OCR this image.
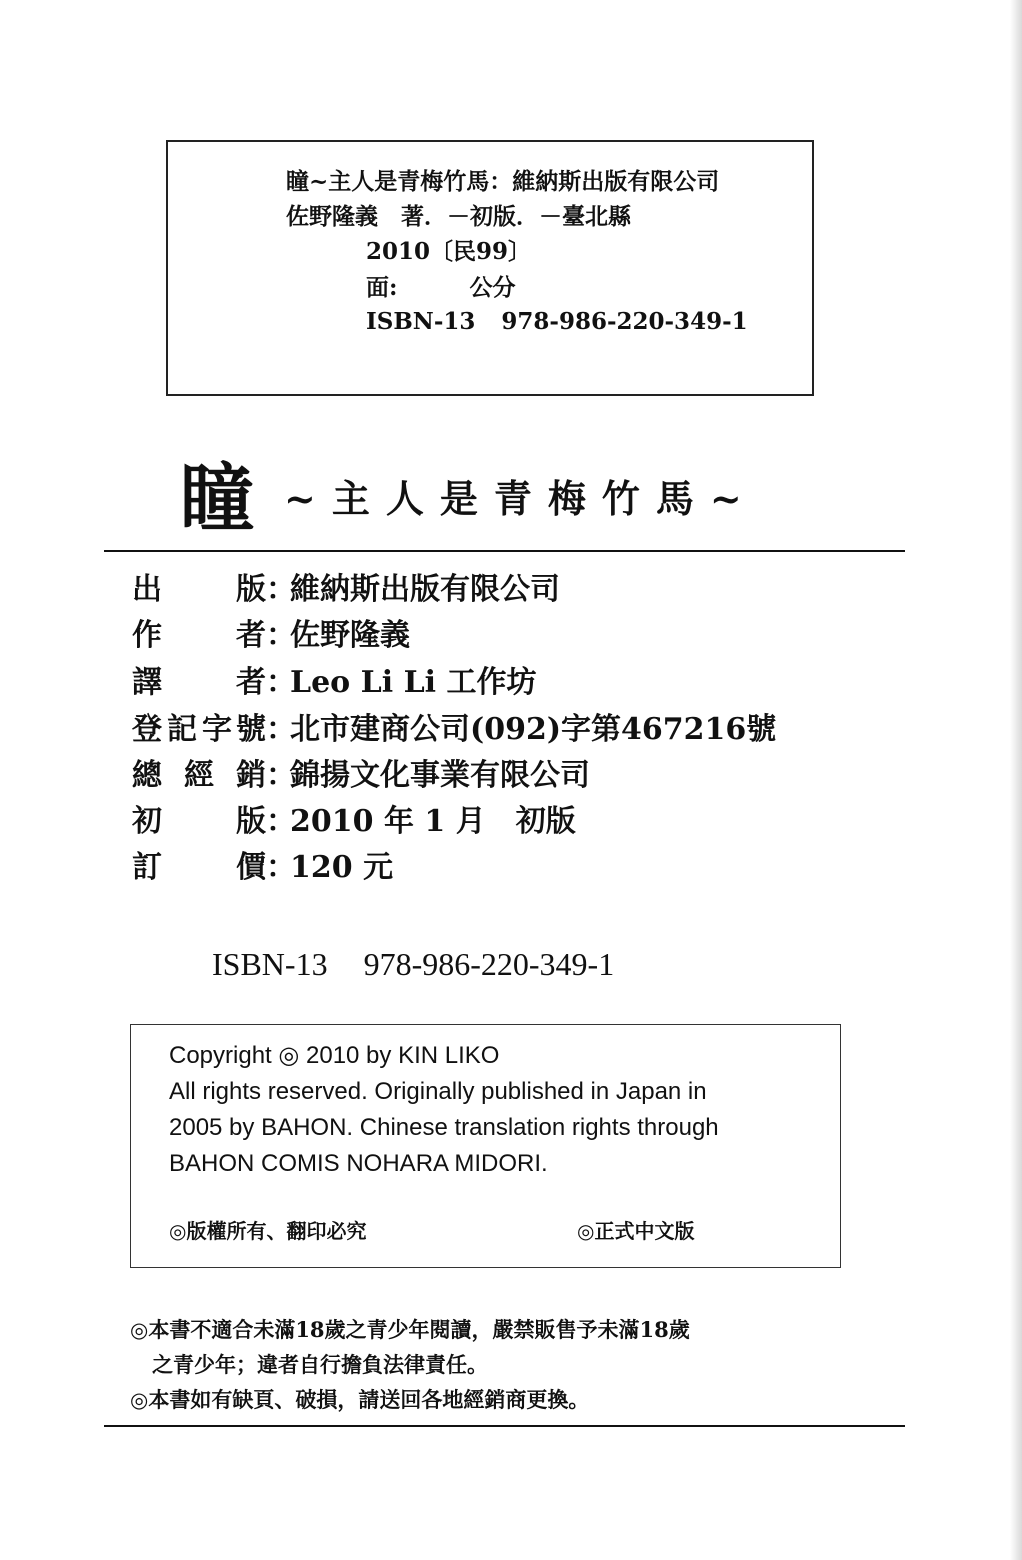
瞳~主人是青梅竹馬：維納斯出版有限公司
佐野隆義　著．－初版．－臺北縣
2010〔民99〕
面:	公分
ISBN-13 978-986-220-349-1
瞳 ~主人是青梅竹馬~
出 版 ：
維納斯出版有限公司
作 者 ：
佐野隆義
譯 者 ：
Leo Li Li 工作坊
登 記 字 號 ：
北市建商公司(092)字第467216號
總 經 銷 ：
錦揚文化事業有限公司
初 版 ：
2010 年 1 月　初版
訂 價 ：
120 元
ISBN-13 978-986-220-349-1
Copyright ◎ 2010 by KIN LIKO
All rights reserved. Originally published in Japan in
2005 by BAHON. Chinese translation rights through
BAHON COMIS NOHARA MIDORI.
◎版權所有、翻印必究	◎正式中文版
◎本書不適合未滿18歲之青少年閱讀，嚴禁販售予未滿18歲
之青少年；違者自行擔負法律責任。
◎本書如有缺頁、破損，請送回各地經銷商更換。
